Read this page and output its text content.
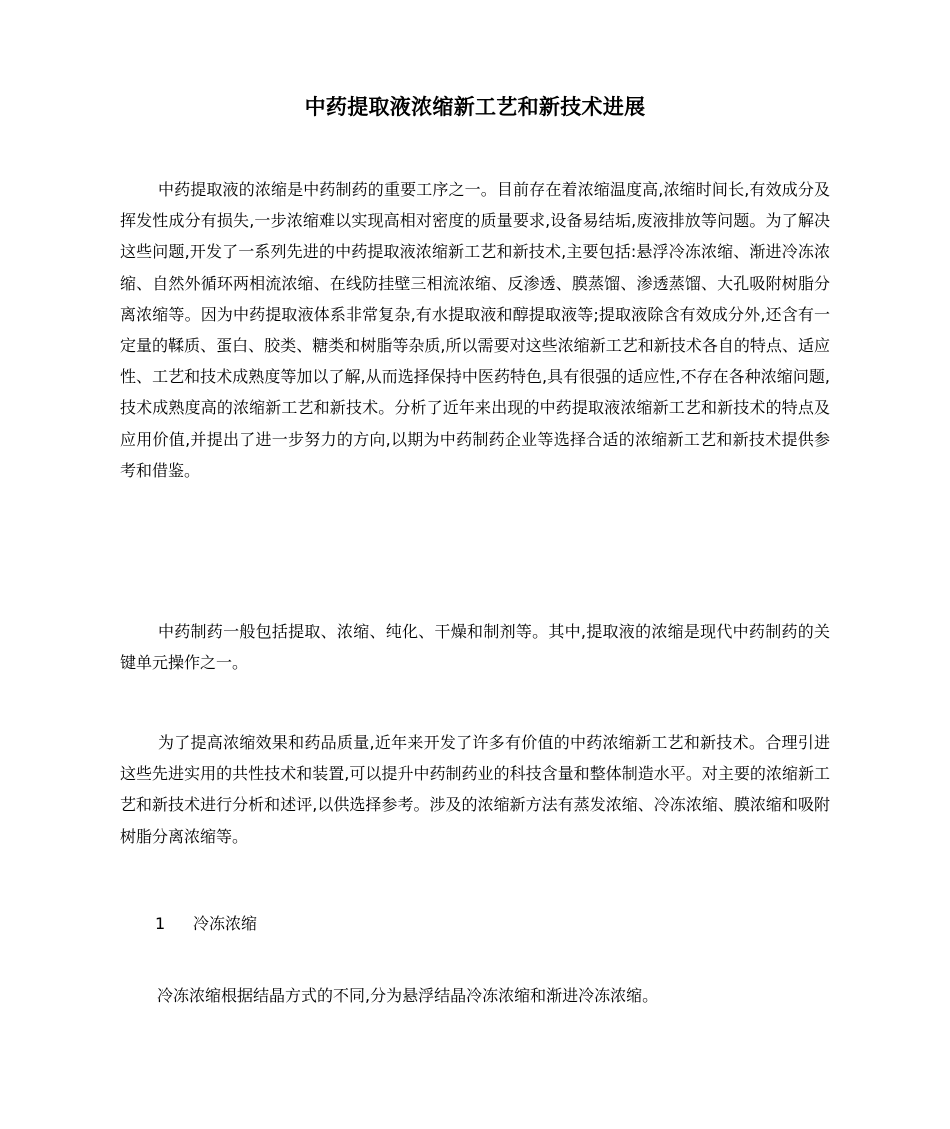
中药提取液浓缩新工艺和新技术进展

中药提取液的浓缩是中药制药的重要工序之一。目前存在着浓缩温度高,浓缩时间长,有效成分及挥发性成分有损失,一步浓缩难以实现高相对密度的质量要求,设备易结垢,废液排放等问题。为了解决这些问题,开发了一系列先进的中药提取液浓缩新工艺和新技术,主要包括:悬浮冷冻浓缩、渐进冷冻浓缩、自然外循环两相流浓缩、在线防挂壁三相流浓缩、反渗透、膜蒸馏、渗透蒸馏、大孔吸附树脂分离浓缩等。因为中药提取液体系非常复杂,有水提取液和醇提取液等;提取液除含有效成分外,还含有一定量的鞣质、蛋白、胶类、糖类和树脂等杂质,所以需要对这些浓缩新工艺和新技术各自的特点、适应性、工艺和技术成熟度等加以了解,从而选择保持中医药特色,具有很强的适应性,不存在各种浓缩问题,技术成熟度高的浓缩新工艺和新技术。分析了近年来出现的中药提取液浓缩新工艺和新技术的特点及应用价值,并提出了进一步努力的方向,以期为中药制药企业等选择合适的浓缩新工艺和新技术提供参考和借鉴。

中药制药一般包括提取、浓缩、纯化、干燥和制剂等。其中,提取液的浓缩是现代中药制药的关键单元操作之一。

为了提高浓缩效果和药品质量,近年来开发了许多有价值的中药浓缩新工艺和新技术。合理引进这些先进实用的共性技术和装置,可以提升中药制药业的科技含量和整体制造水平。对主要的浓缩新工艺和新技术进行分析和述评,以供选择参考。涉及的浓缩新方法有蒸发浓缩、冷冻浓缩、膜浓缩和吸附树脂分离浓缩等。

1 冷冻浓缩

冷冻浓缩根据结晶方式的不同,分为悬浮结晶冷冻浓缩和渐进冷冻浓缩。
